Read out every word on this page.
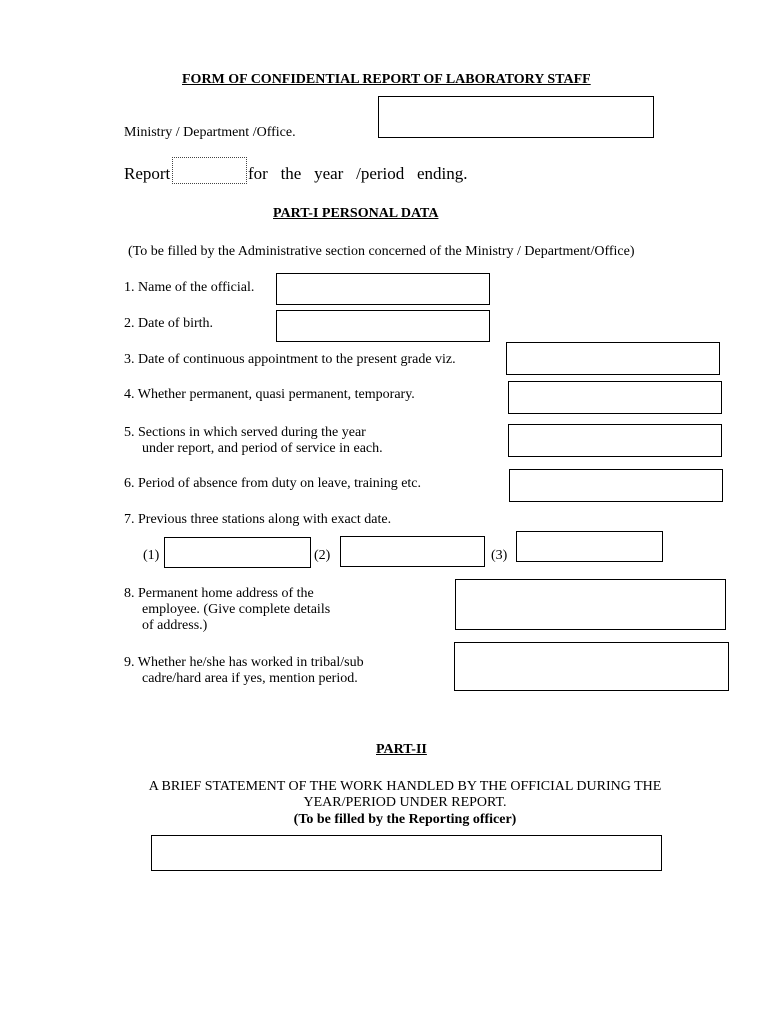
FORM OF CONFIDENTIAL REPORT OF LABORATORY STAFF
Ministry / Department /Office.
Report	for   the   year   /period   ending.
PART-I PERSONAL DATA
(To be filled by the Administrative section concerned of the Ministry / Department/Office)
1. Name of the official.
2. Date of birth.
3. Date of continuous appointment to the present grade viz.
4. Whether permanent, quasi permanent, temporary.
5. Sections in which served during the year
under report, and period of service in each.
6. Period of absence from duty on leave, training etc.
7. Previous three stations along with exact date.
(1)	(2)	(3)
8. Permanent home address of the
employee. (Give complete details
of address.)
9. Whether he/she has worked in tribal/sub
cadre/hard area if yes, mention period.
PART-II
A BRIEF STATEMENT OF THE WORK HANDLED BY THE OFFICIAL DURING THE
YEAR/PERIOD UNDER REPORT.
(To be filled by the Reporting officer)
